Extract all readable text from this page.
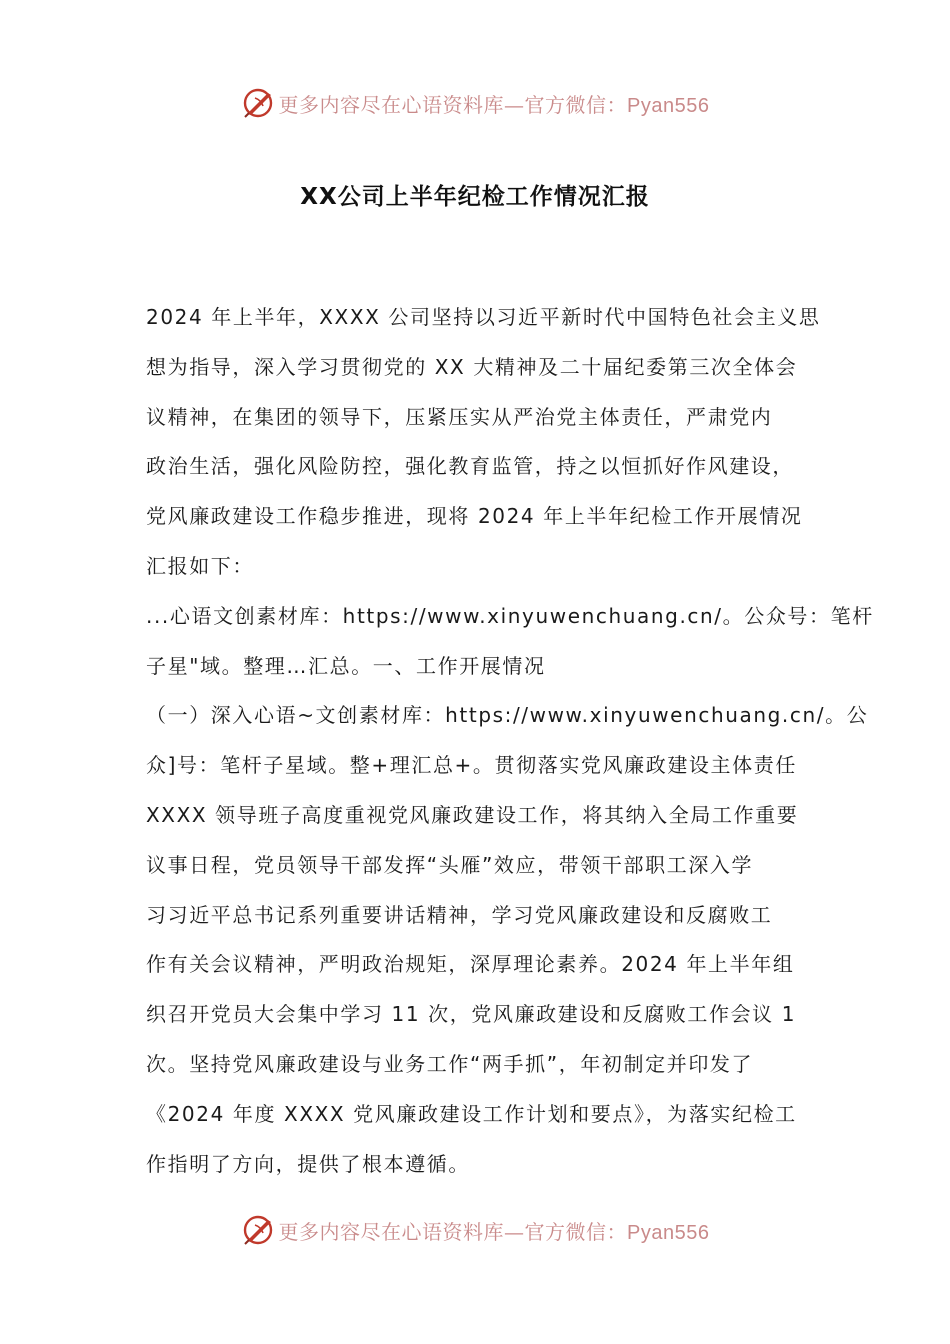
更多内容尽在心语资料库—官方微信：Pyan556
XX公司上半年纪检工作情况汇报
2024 年上半年，XXXX 公司坚持以习近平新时代中国特色社会主义思
想为指导，深入学习贯彻党的 XX 大精神及二十届纪委第三次全体会
议精神，在集团的领导下，压紧压实从严治党主体责任，严肃党内
政治生活，强化风险防控，强化教育监管，持之以恒抓好作风建设，
党风廉政建设工作稳步推进，现将 2024 年上半年纪检工作开展情况
汇报如下：
...心语文创素材库：https://www.xinyuwenchuang.cn/。公众号：笔杆
子星"域。整理…汇总。一、工作开展情况
（一）深入心语~文创素材库：https://www.xinyuwenchuang.cn/。公
众]号：笔杆子星域。整+理汇总+。贯彻落实党风廉政建设主体责任
XXXX 领导班子高度重视党风廉政建设工作，将其纳入全局工作重要
议事日程，党员领导干部发挥“头雁”效应，带领干部职工深入学
习习近平总书记系列重要讲话精神，学习党风廉政建设和反腐败工
作有关会议精神，严明政治规矩，深厚理论素养。2024 年上半年组
织召开党员大会集中学习 11 次，党风廉政建设和反腐败工作会议 1
次。坚持党风廉政建设与业务工作“两手抓”，年初制定并印发了
《2024 年度 XXXX 党风廉政建设工作计划和要点》，为落实纪检工
作指明了方向，提供了根本遵循。
更多内容尽在心语资料库—官方微信：Pyan556
